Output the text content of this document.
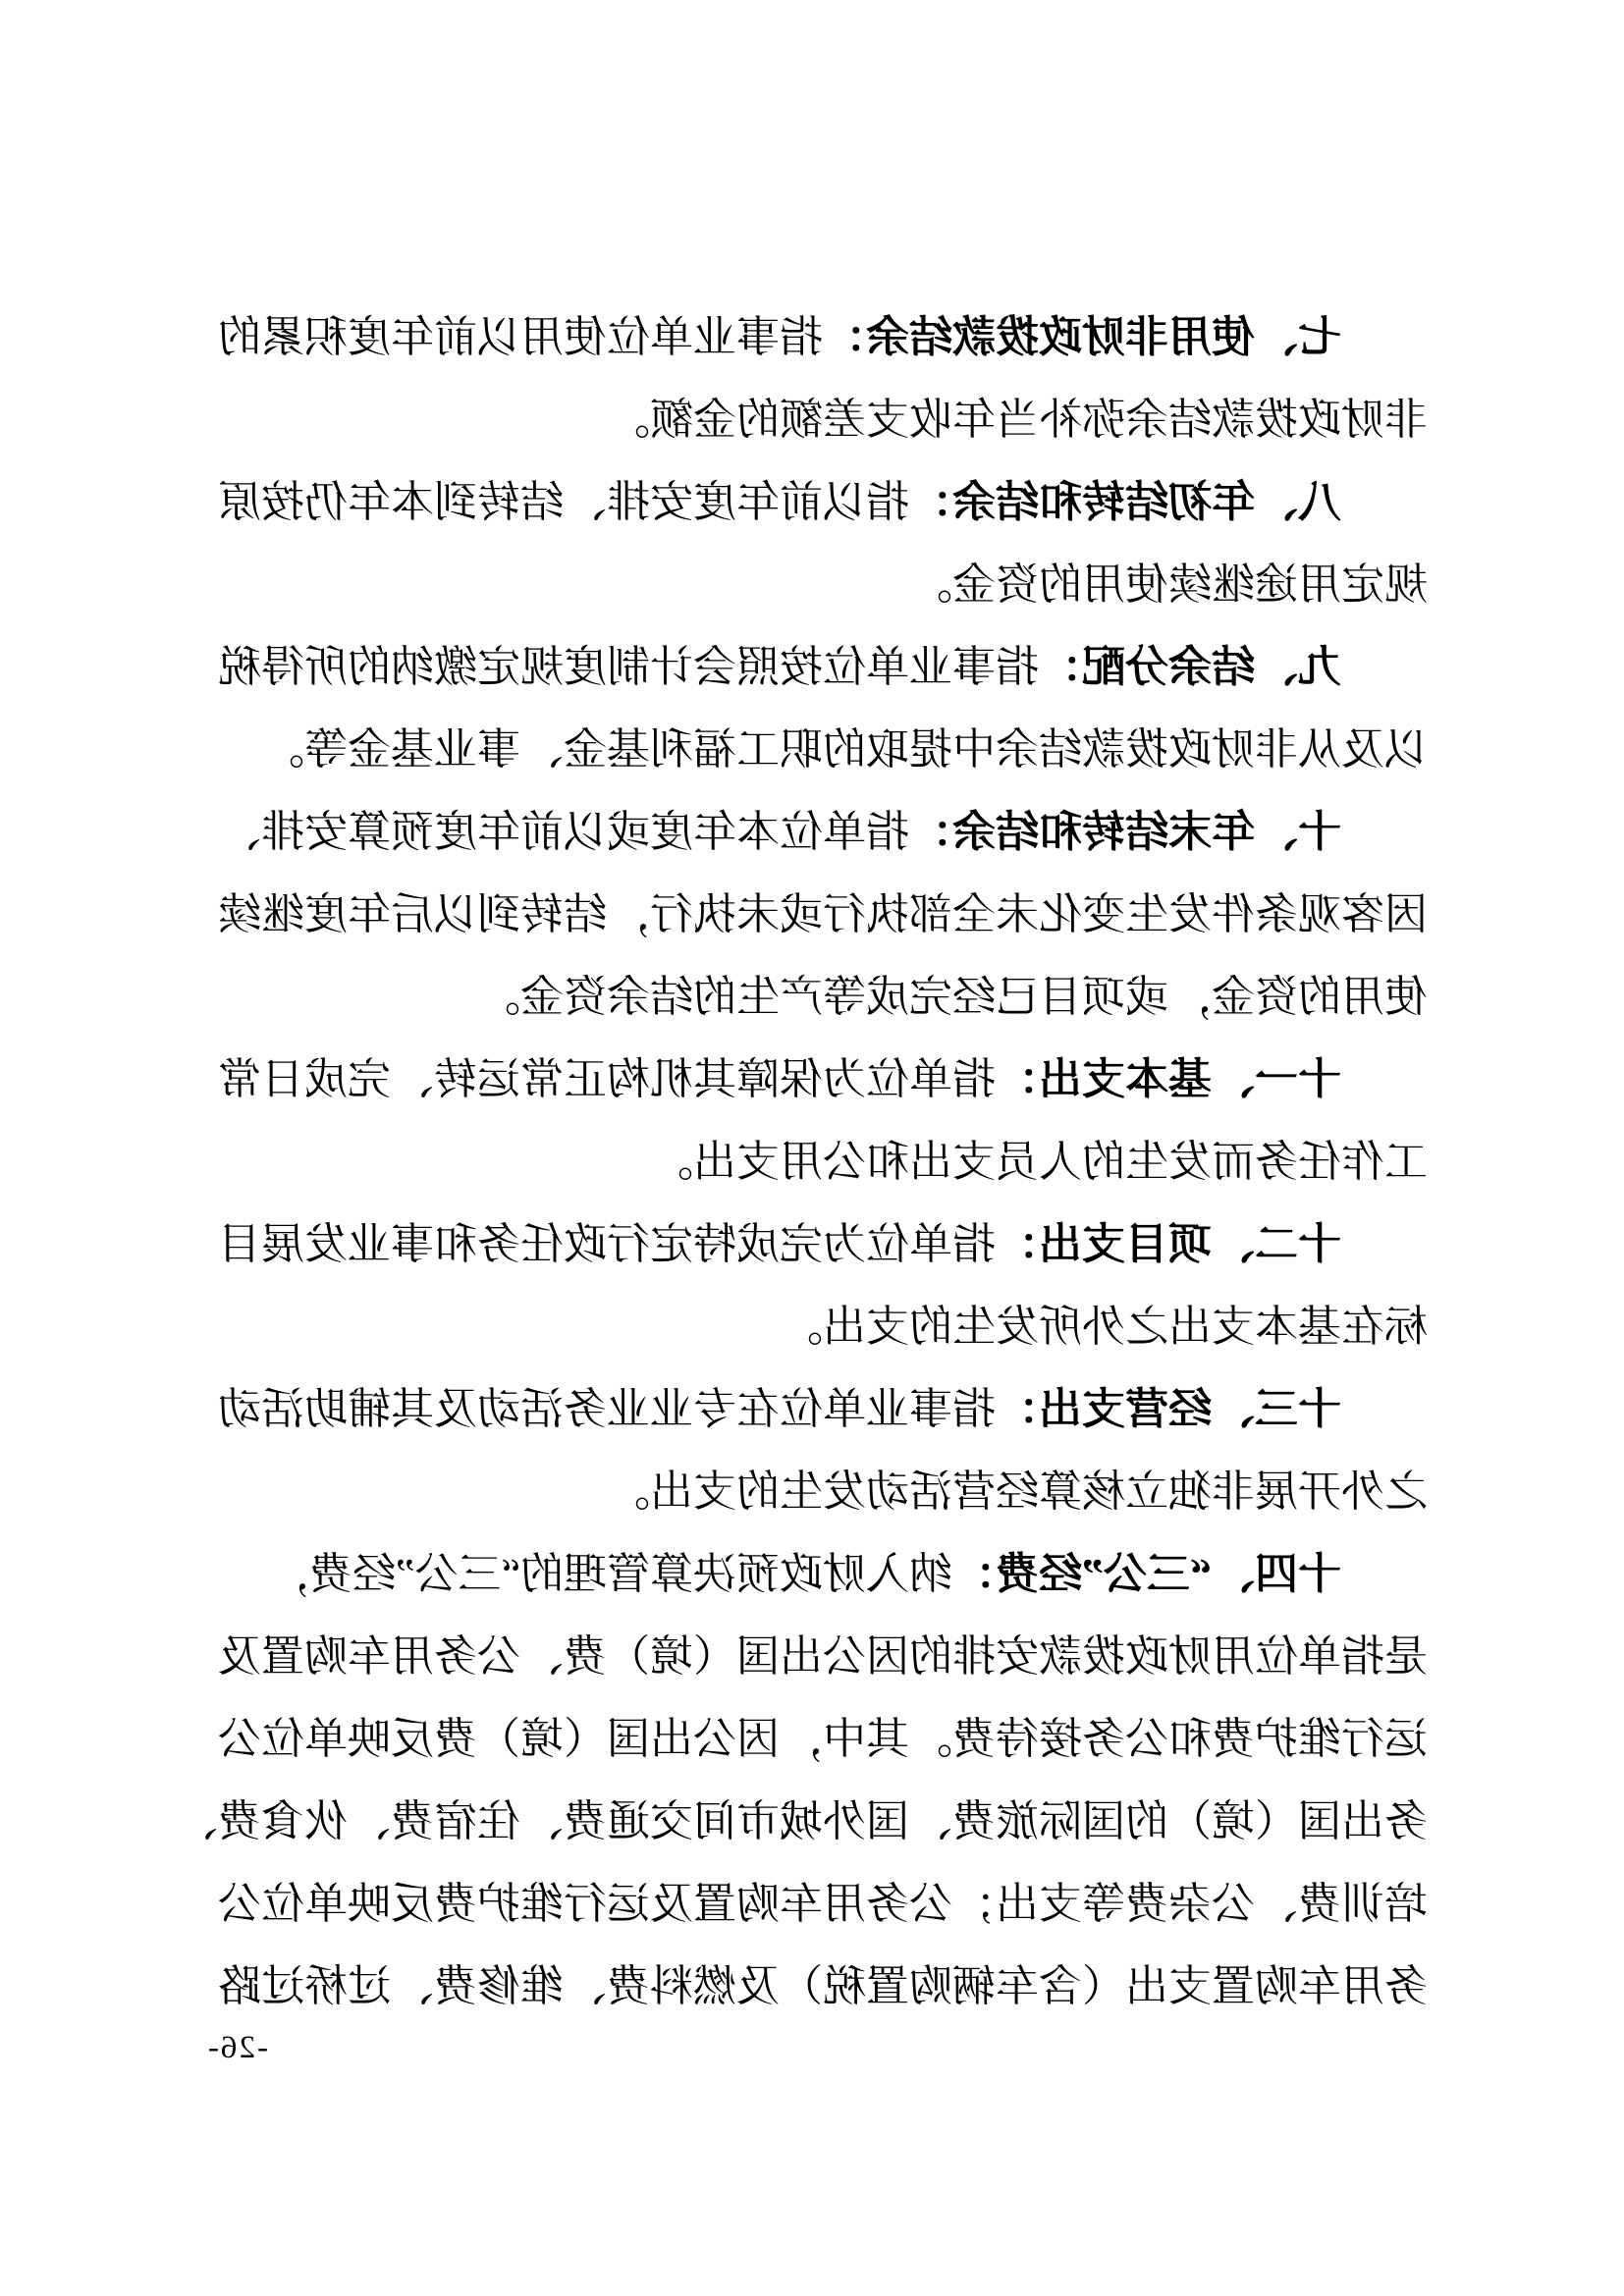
七、使用非财政拨款结余：指事业单位使用以前年度积累的
非财政拨款结余弥补当年收支差额的金额。
八、年初结转和结余：指以前年度安排、结转到本年仍按原
规定用途继续使用的资金。
九、结余分配：指事业单位按照会计制度规定缴纳的所得税
以及从非财政拨款结余中提取的职工福利基金、事业基金等。
十、年末结转和结余：指单位本年度或以前年度预算安排、
因客观条件发生变化未全部执行或未执行，结转到以后年度继续
使用的资金，或项目已经完成等产生的结余资金。
十一、基本支出：指单位为保障其机构正常运转、完成日常
工作任务而发生的人员支出和公用支出。
十二、项目支出：指单位为完成特定行政任务和事业发展目
标在基本支出之外所发生的支出。
十三、经营支出：指事业单位在专业业务活动及其辅助活动
之外开展非独立核算经营活动发生的支出。
十四、“三公”经费：纳入财政预决算管理的“三公”经费，
是指单位用财政拨款安排的因公出国（境）费、公务用车购置及
运行维护费和公务接待费。其中，因公出国（境）费反映单位公
务出国（境）的国际旅费、国外城市间交通费、住宿费、伙食费、
培训费、公杂费等支出；公务用车购置及运行维护费反映单位公
务用车购置支出（含车辆购置税）及燃料费、维修费、过桥过路
-26-
